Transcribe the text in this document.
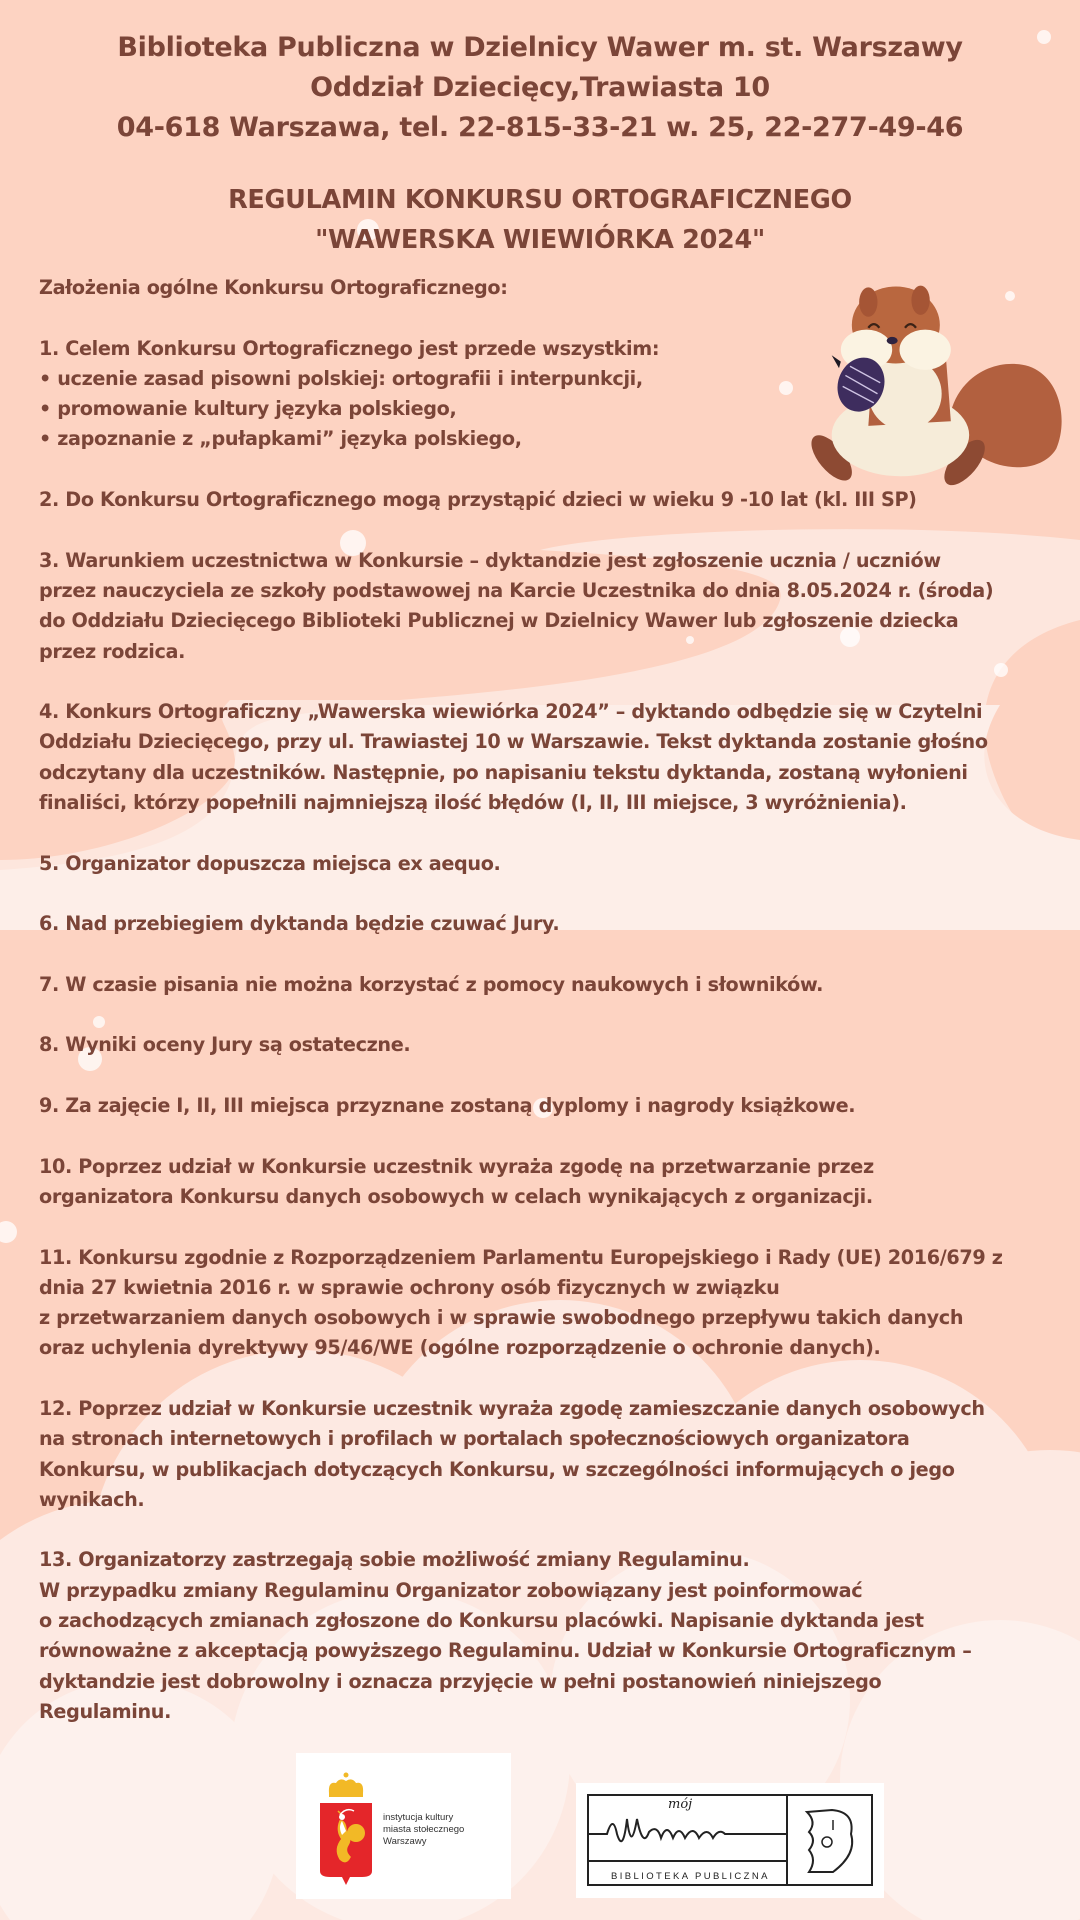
Biblioteka Publiczna w Dzielnicy Wawer m. st. Warszawy
Oddział Dziecięcy,Trawiasta 10
04-618 Warszawa, tel. 22-815-33-21 w. 25, 22-277-49-46
REGULAMIN KONKURSU ORTOGRAFICZNEGO
"WAWERSKA WIEWIÓRKA 2024"

Założenia ogólne Konkursu Ortograficznego:

1. Celem Konkursu Ortograficznego jest przede wszystkim:
• uczenie zasad pisowni polskiej: ortografii i interpunkcji,
• promowanie kultury języka polskiego,
• zapoznanie z „pułapkami” języka polskiego,

2. Do Konkursu Ortograficznego mogą przystąpić dzieci w wieku 9 -10 lat (kl. III SP)

3. Warunkiem uczestnictwa w Konkursie – dyktandzie jest zgłoszenie ucznia / uczniów
przez nauczyciela ze szkoły podstawowej na Karcie Uczestnika do dnia 8.05.2024 r. (środa)
do Oddziału Dziecięcego Biblioteki Publicznej w Dzielnicy Wawer lub zgłoszenie dziecka
przez rodzica.

4. Konkurs Ortograficzny „Wawerska wiewiórka 2024” – dyktando odbędzie się w Czytelni
Oddziału Dziecięcego, przy ul. Trawiastej 10 w Warszawie. Tekst dyktanda zostanie głośno
odczytany dla uczestników. Następnie, po napisaniu tekstu dyktanda, zostaną wyłonieni
finaliści, którzy popełnili najmniejszą ilość błędów (I, II, III miejsce, 3 wyróżnienia).

5. Organizator dopuszcza miejsca ex aequo.

6. Nad przebiegiem dyktanda będzie czuwać Jury.

7. W czasie pisania nie można korzystać z pomocy naukowych i słowników.

8. Wyniki oceny Jury są ostateczne.

9. Za zajęcie I, II, III miejsca przyznane zostaną dyplomy i nagrody książkowe.

10. Poprzez udział w Konkursie uczestnik wyraża zgodę na przetwarzanie przez
organizatora Konkursu danych osobowych w celach wynikających z organizacji.

11. Konkursu zgodnie z Rozporządzeniem Parlamentu Europejskiego i Rady (UE) 2016/679 z
dnia 27 kwietnia 2016 r. w sprawie ochrony osób fizycznych w związku
z przetwarzaniem danych osobowych i w sprawie swobodnego przepływu takich danych
oraz uchylenia dyrektywy 95/46/WE (ogólne rozporządzenie o ochronie danych).

12. Poprzez udział w Konkursie uczestnik wyraża zgodę zamieszczanie danych osobowych
na stronach internetowych i profilach w portalach społecznościowych organizatora
Konkursu, w publikacjach dotyczących Konkursu, w szczególności informujących o jego
wynikach.

13. Organizatorzy zastrzegają sobie możliwość zmiany Regulaminu.
W przypadku zmiany Regulaminu Organizator zobowiązany jest poinformować
o zachodzących zmianach zgłoszone do Konkursu placówki. Napisanie dyktanda jest
równoważne z akceptacją powyższego Regulaminu. Udział w Konkursie Ortograficznym –
dyktandzie jest dobrowolny i oznacza przyjęcie w pełni postanowień niniejszego
Regulaminu.

instytucja kultury
miasta stołecznego
Warszawy
mój
BIBLIOTEKA PUBLICZNA
